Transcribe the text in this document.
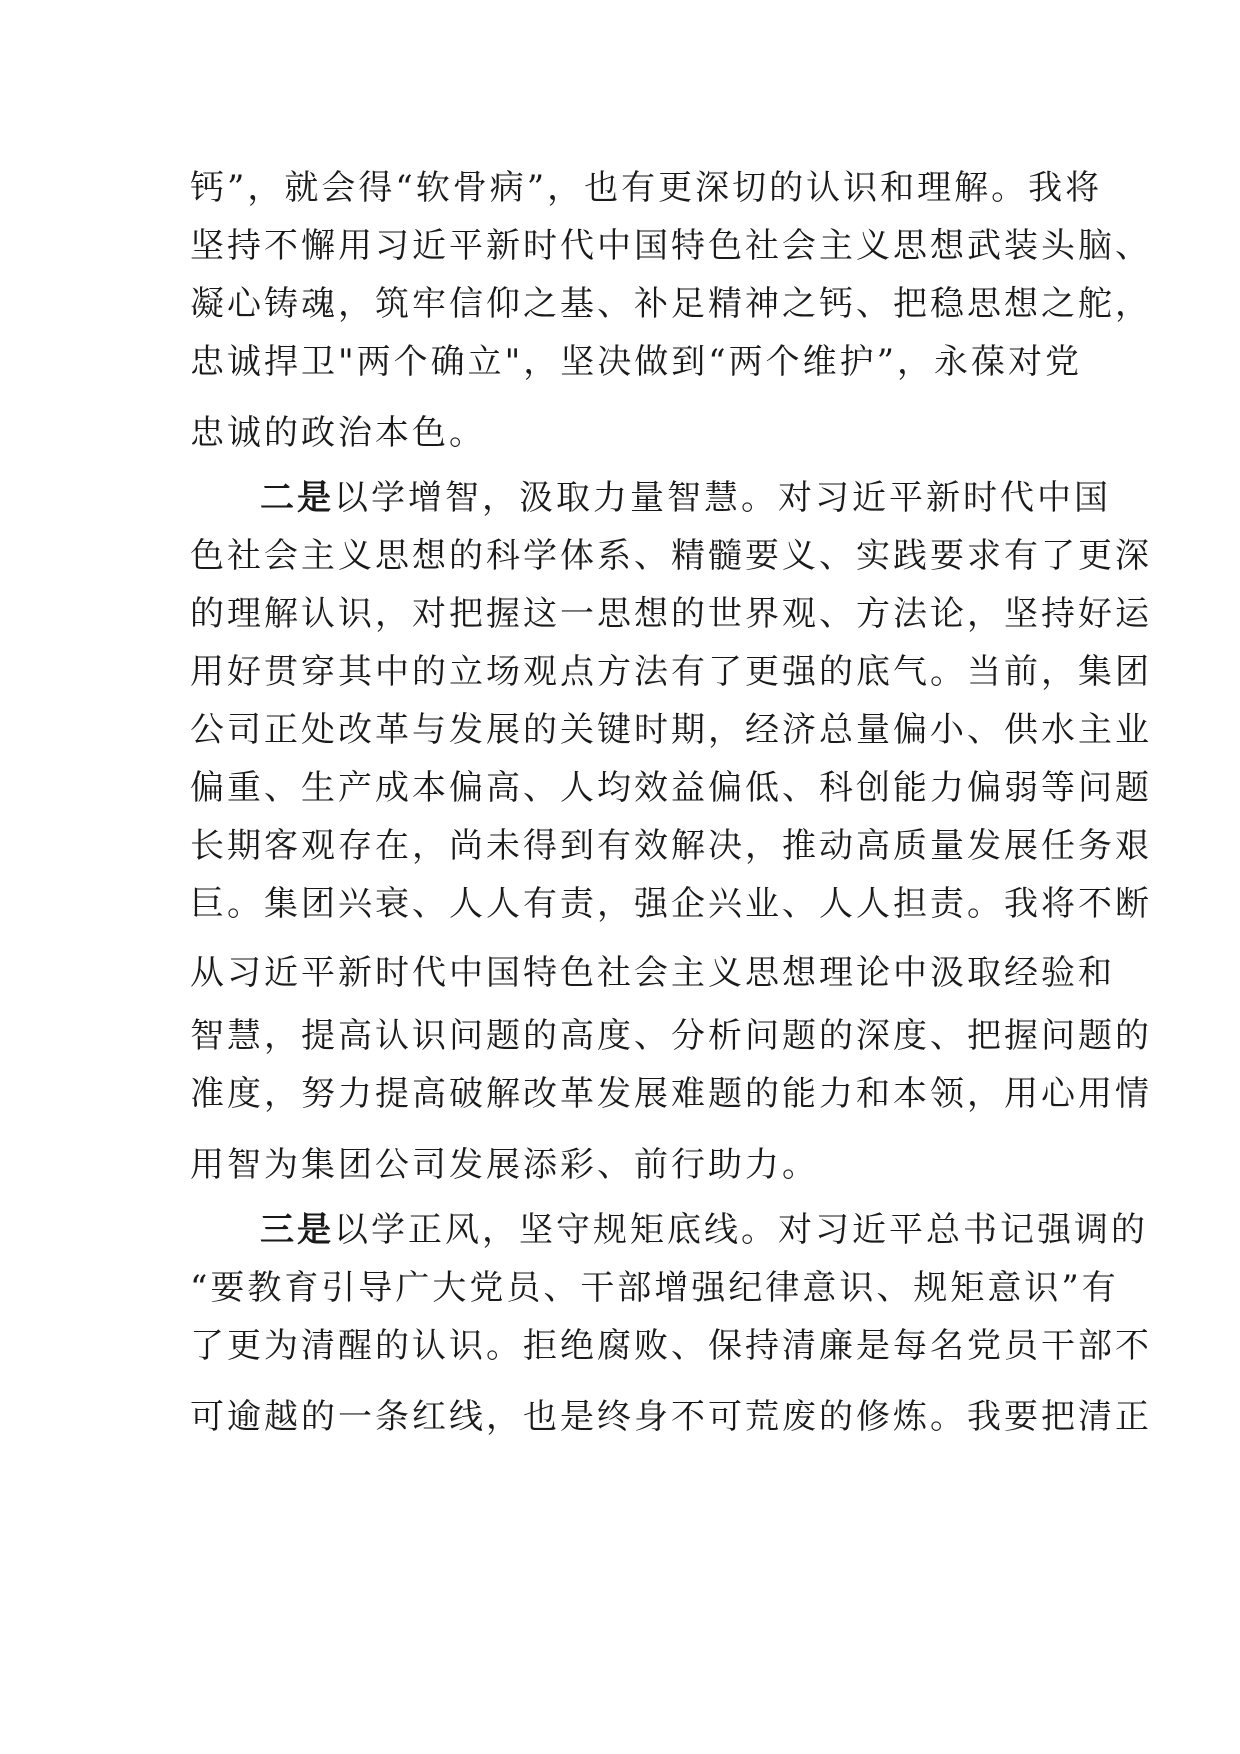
钙”，就会得“软骨病”，也有更深切的认识和理解。我将
坚持不懈用习近平新时代中国特色社会主义思想武装头脑、
凝心铸魂，筑牢信仰之基、补足精神之钙、把稳思想之舵，
忠诚捍卫"两个确立"，坚决做到“两个维护”，永葆对党
忠诚的政治本色。
二是以学增智，汲取力量智慧。对习近平新时代中国
色社会主义思想的科学体系、精髓要义、实践要求有了更深
的理解认识，对把握这一思想的世界观、方法论，坚持好运
用好贯穿其中的立场观点方法有了更强的底气。当前，集团
公司正处改革与发展的关键时期，经济总量偏小、供水主业
偏重、生产成本偏高、人均效益偏低、科创能力偏弱等问题
长期客观存在，尚未得到有效解决，推动高质量发展任务艰
巨。集团兴衰、人人有责，强企兴业、人人担责。我将不断
从习近平新时代中国特色社会主义思想理论中汲取经验和
智慧，提高认识问题的高度、分析问题的深度、把握问题的
准度，努力提高破解改革发展难题的能力和本领，用心用情
用智为集团公司发展添彩、前行助力。
三是以学正风，坚守规矩底线。对习近平总书记强调的
“要教育引导广大党员、干部增强纪律意识、规矩意识”有
了更为清醒的认识。拒绝腐败、保持清廉是每名党员干部不
可逾越的一条红线，也是终身不可荒废的修炼。我要把清正
